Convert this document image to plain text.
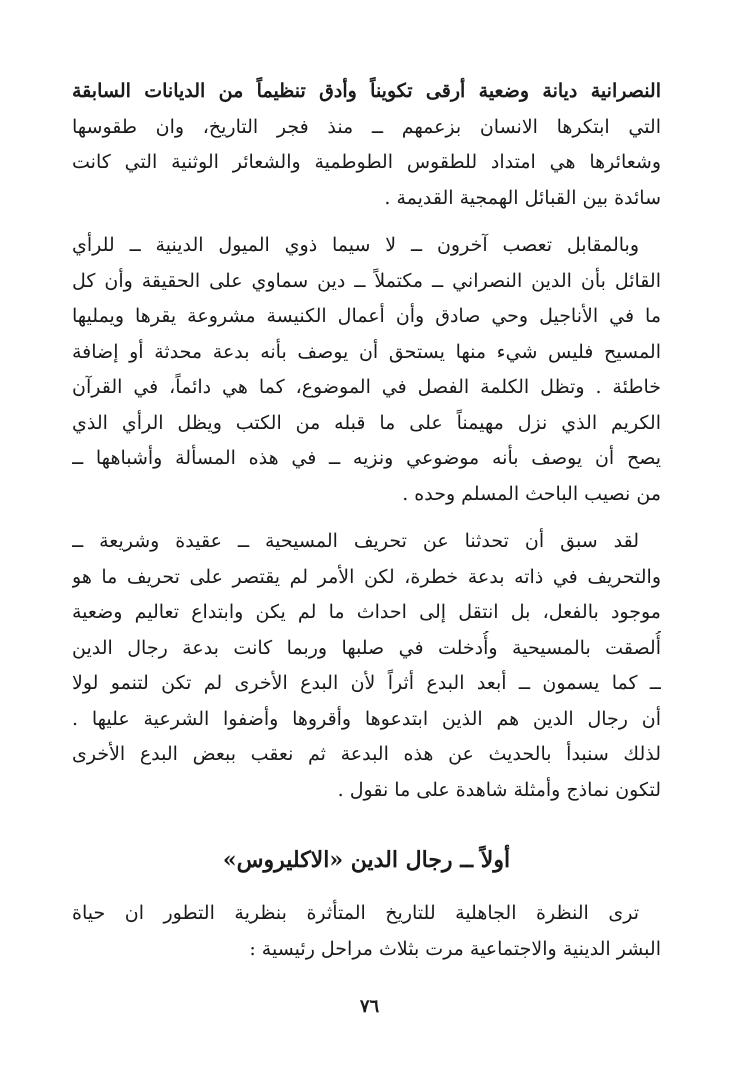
النصرانية ديانة وضعية أرقى تكويناً وأدق تنظيماً من الديانات السابقة
التي ابتكرها الانسان بزعمهم ــ منذ فجر التاريخ، وان طقوسها
وشعائرها هي امتداد للطقوس الطوطمية والشعائر الوثنية التي كانت
سائدة بين القبائل الهمجية القديمة .

وبالمقابل تعصب آخرون ــ لا سيما ذوي الميول الدينية ــ للرأي
القائل بأن الدين النصراني ــ مكتملاً ــ دين سماوي على الحقيقة وأن كل
ما في الأناجيل وحي صادق وأن أعمال الكنيسة مشروعة يقرها ويمليها
المسيح فليس شيء منها يستحق أن يوصف بأنه بدعة محدثة أو إضافة
خاطئة . وتظل الكلمة الفصل في الموضوع، كما هي دائماً، في القرآن
الكريم الذي نزل مهيمناً على ما قبله من الكتب ويظل الرأي الذي
يصح أن يوصف بأنه موضوعي ونزيه ــ في هذه المسألة وأشباهها ــ
من نصيب الباحث المسلم وحده .

لقد سبق أن تحدثنا عن تحريف المسيحية ــ عقيدة وشريعة ــ
والتحريف في ذاته بدعة خطرة، لكن الأمر لم يقتصر على تحريف ما هو
موجود بالفعل، بل انتقل إلى احداث ما لم يكن وابتداع تعاليم وضعية
أُلصقت بالمسيحية وأُدخلت في صلبها وربما كانت بدعة رجال الدين
ــ كما يسمون ــ أبعد البدع أثراً لأن البدع الأخرى لم تكن لتنمو لولا
أن رجال الدين هم الذين ابتدعوها وأقروها وأضفوا الشرعية عليها .
لذلك سنبدأ بالحديث عن هذه البدعة ثم نعقب ببعض البدع الأخرى
لتكون نماذج وأمثلة شاهدة على ما نقول .

أولاً ــ رجال الدين «الاكليروس»

ترى النظرة الجاهلية للتاريخ المتأثرة بنظرية التطور ان حياة
البشر الدينية والاجتماعية مرت بثلاث مراحل رئيسية :

٧٦
